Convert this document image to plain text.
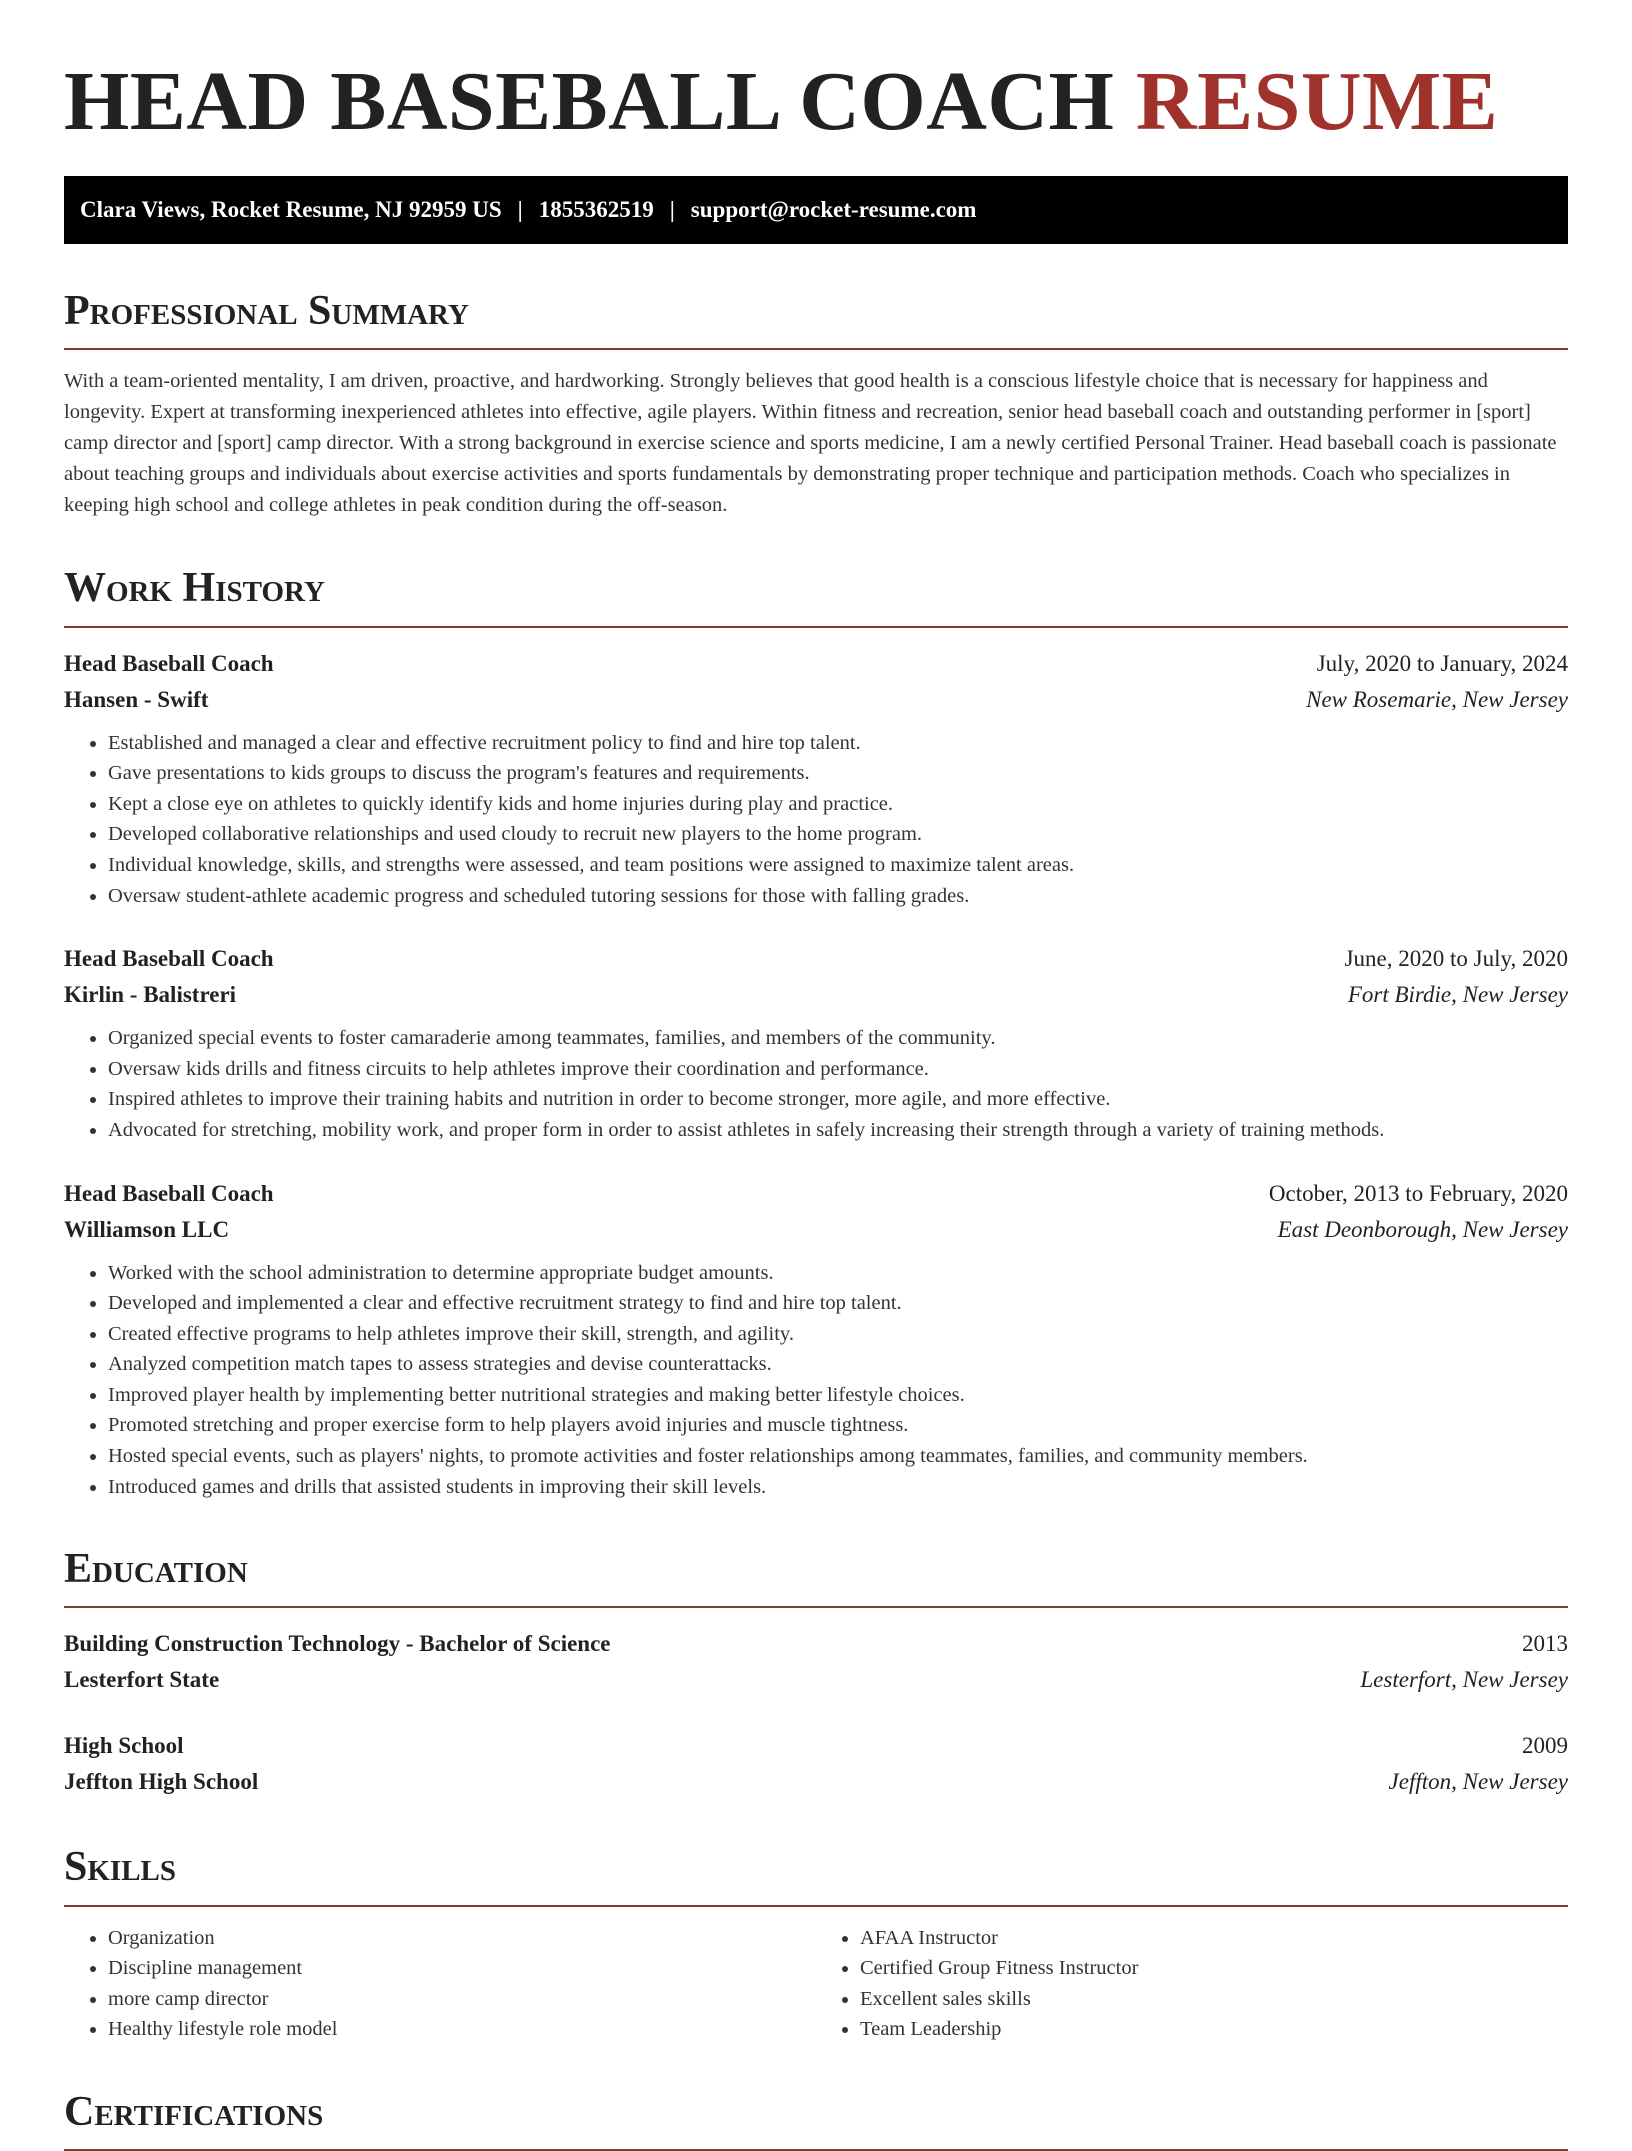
HEAD BASEBALL COACH RESUME
Clara Views, Rocket Resume, NJ 92959 US | 1855362519 | support@rocket-resume.com
Professional Summary

With a team-oriented mentality, I am driven, proactive, and hardworking. Strongly believes that good health is a conscious lifestyle choice that is necessary for happiness and longevity. Expert at transforming inexperienced athletes into effective, agile players. Within fitness and recreation, senior head baseball coach and outstanding performer in [sport] camp director and [sport] camp director. With a strong background in exercise science and sports medicine, I am a newly certified Personal Trainer. Head baseball coach is passionate about teaching groups and individuals about exercise activities and sports fundamentals by demonstrating proper technique and participation methods. Coach who specializes in keeping high school and college athletes in peak condition during the off-season.

Work History
Head Baseball Coach	July, 2020 to January, 2024
Hansen - Swift	New Rosemarie, New Jersey
• Established and managed a clear and effective recruitment policy to find and hire top talent.
• Gave presentations to kids groups to discuss the program's features and requirements.
• Kept a close eye on athletes to quickly identify kids and home injuries during play and practice.
• Developed collaborative relationships and used cloudy to recruit new players to the home program.
• Individual knowledge, skills, and strengths were assessed, and team positions were assigned to maximize talent areas.
• Oversaw student-athlete academic progress and scheduled tutoring sessions for those with falling grades.
Head Baseball Coach	June, 2020 to July, 2020
Kirlin - Balistreri	Fort Birdie, New Jersey
• Organized special events to foster camaraderie among teammates, families, and members of the community.
• Oversaw kids drills and fitness circuits to help athletes improve their coordination and performance.
• Inspired athletes to improve their training habits and nutrition in order to become stronger, more agile, and more effective.
• Advocated for stretching, mobility work, and proper form in order to assist athletes in safely increasing their strength through a variety of training methods.
Head Baseball Coach	October, 2013 to February, 2020
Williamson LLC	East Deonborough, New Jersey
• Worked with the school administration to determine appropriate budget amounts.
• Developed and implemented a clear and effective recruitment strategy to find and hire top talent.
• Created effective programs to help athletes improve their skill, strength, and agility.
• Analyzed competition match tapes to assess strategies and devise counterattacks.
• Improved player health by implementing better nutritional strategies and making better lifestyle choices.
• Promoted stretching and proper exercise form to help players avoid injuries and muscle tightness.
• Hosted special events, such as players' nights, to promote activities and foster relationships among teammates, families, and community members.
• Introduced games and drills that assisted students in improving their skill levels.
Education
Building Construction Technology - Bachelor of Science	2013
Lesterfort State	Lesterfort, New Jersey
High School	2009
Jeffton High School	Jeffton, New Jersey
Skills
• Organization
• Discipline management
• more camp director
• Healthy lifestyle role model
• AFAA Instructor
• Certified Group Fitness Instructor
• Excellent sales skills
• Team Leadership
Certifications
